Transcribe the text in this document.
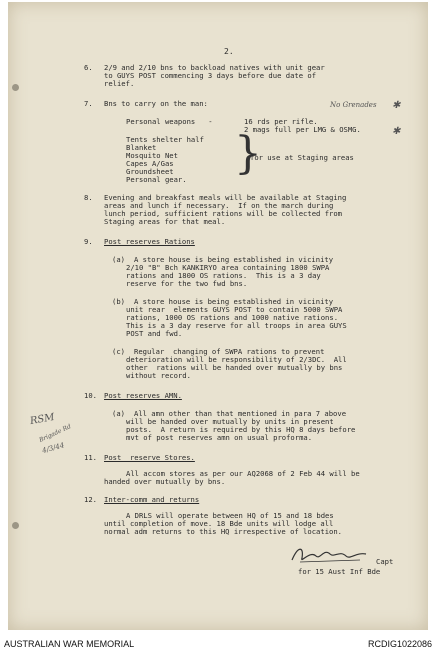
2.
6. 2/9 and 2/10 bns to backload natives with unit gear
to GUYS POST commencing 3 days before due date of
relief.
7. Bns to carry on the man:	No Grenades ✱
Personal weapons   -	16 rds per rifle.
2 mags full per LMG & OSMG.	✱
Tents shelter half
Blanket
Mosquito Net
Capes A/Gas
Groundsheet
Personal gear.
}
for use at Staging areas
8. Evening and breakfast meals will be available at Staging
areas and lunch if necessary.  If on the march during
lunch period, sufficient rations will be collected from
Staging areas for that meal.
9. Post reserves Rations
(a) A store house is being established in vicinity
2/10 "B" Bch KANKIRYO area containing 1800 SWPA
rations and 1800 OS rations.  This is a 3 day
reserve for the two fwd bns.
(b) A store house is being established in vicinity
unit rear  elements GUYS POST to contain 5000 SWPA
rations, 1000 OS rations and 1000 native rations.
This is a 3 day reserve for all troops in area GUYS
POST and fwd.
(c) Regular  changing of SWPA rations to prevent
deterioration will be responsibility of 2/3DC.  All
other  rations will be handed over mutually by bns
without record.
10. Post reserves AMN.
(a) All amn other than that mentioned in para 7 above
will be handed over mutually by units in present
posts.  A return is required by this HQ 8 days before
mvt of post reserves amn on usual proforma.
RSM
Brigade Rd
4/3/44
11. Post  reserve Stores.
All accom stores as per our AQ2068 of 2 Feb 44 will be
handed over mutually by bns.
12. Inter-comm and returns
A DRLS will operate between HQ of 15 and 18 bdes
until completion of move. 18 Bde units will lodge all
normal adm returns to this HQ irrespective of location.
Capt
for 15 Aust Inf Bde
AUSTRALIAN WAR MEMORIAL	RCDIG1022086
